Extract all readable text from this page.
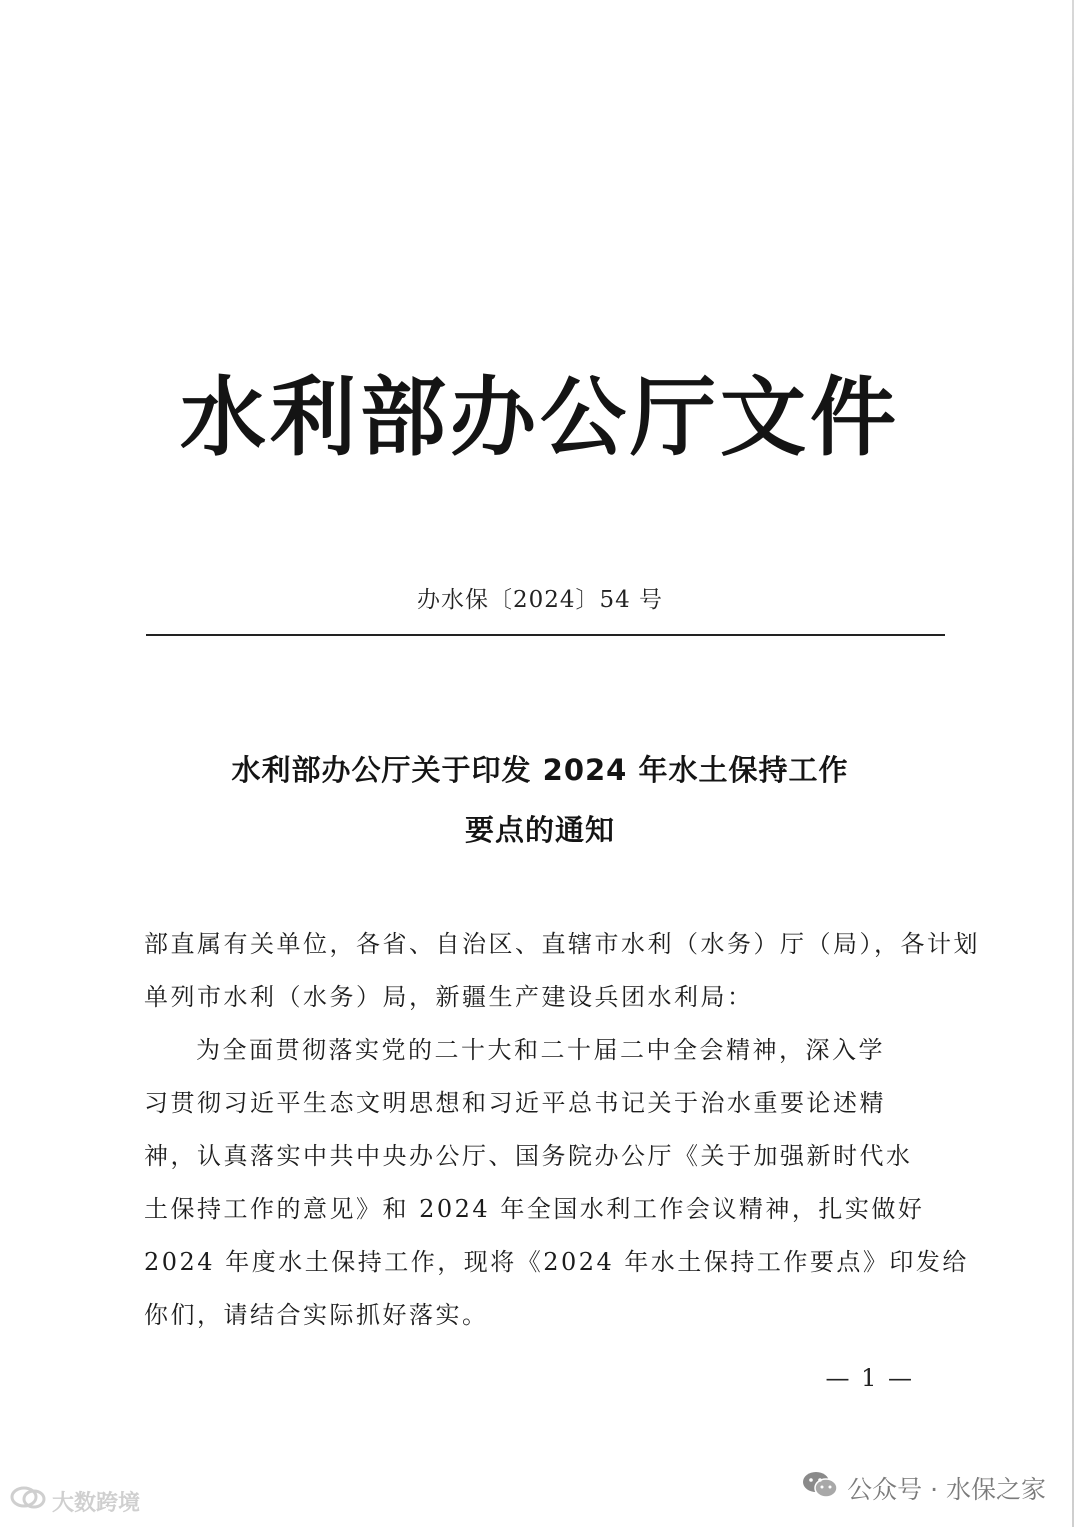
水利部办公厅文件
办水保〔2024〕54 号
水利部办公厅关于印发 2024 年水土保持工作
要点的通知
部直属有关单位，各省、自治区、直辖市水利（水务）厅（局），各计划
单列市水利（水务）局，新疆生产建设兵团水利局：
为全面贯彻落实党的二十大和二十届二中全会精神，深入学
习贯彻习近平生态文明思想和习近平总书记关于治水重要论述精
神，认真落实中共中央办公厅、国务院办公厅《关于加强新时代水
土保持工作的意见》和 2024 年全国水利工作会议精神，扎实做好
2024 年度水土保持工作，现将《2024 年水土保持工作要点》印发给
你们，请结合实际抓好落实。
— 1 —
大数跨境	公众号 · 水保之家
